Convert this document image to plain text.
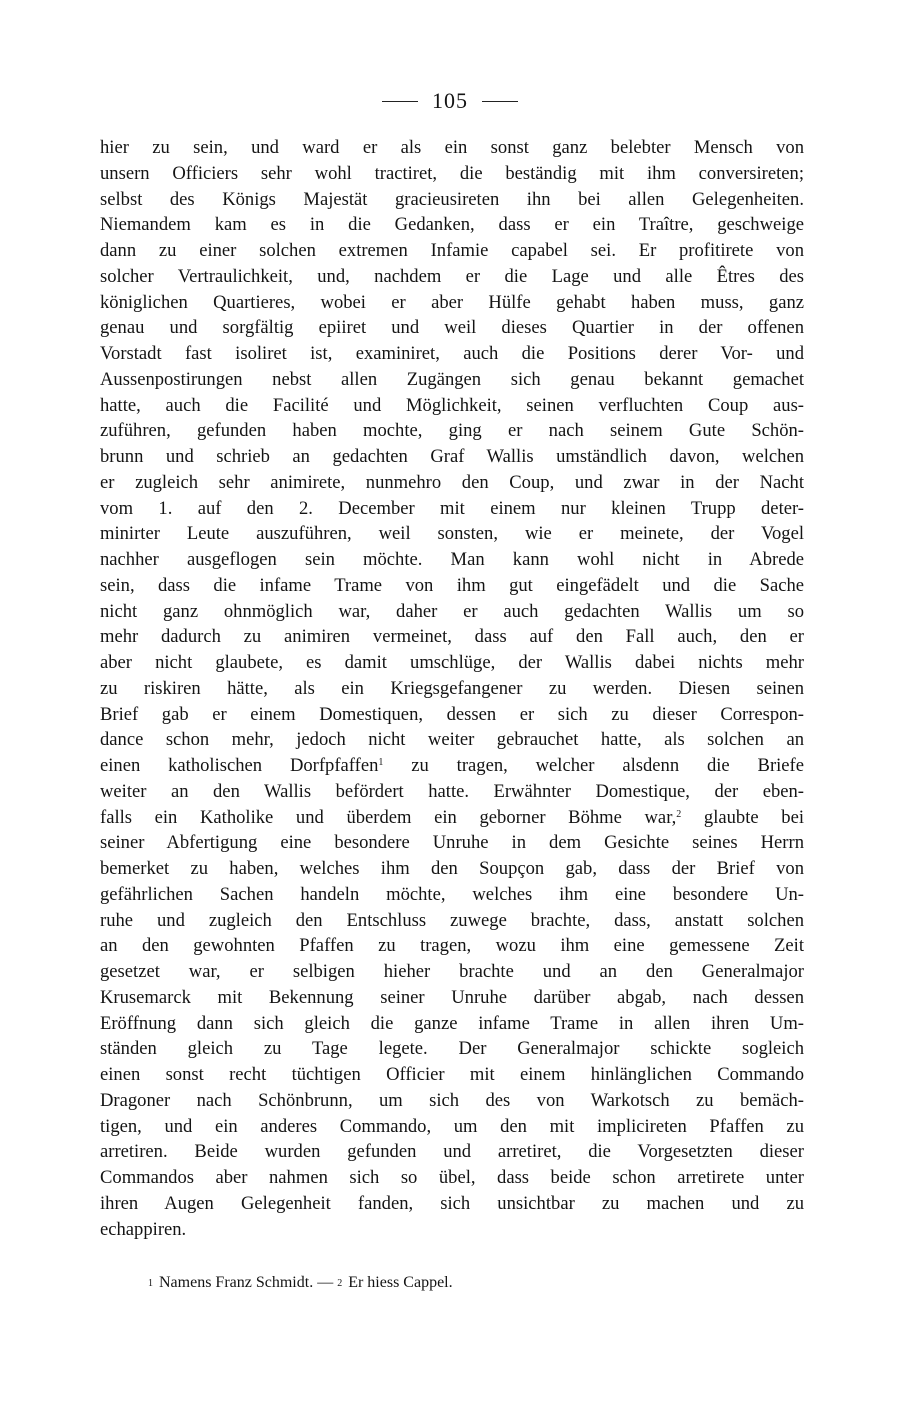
105
hier zu sein, und ward er als ein sonst ganz belebter Mensch von
unsern Officiers sehr wohl tractiret, die beständig mit ihm conversireten;
selbst des Königs Majestät gracieusireten ihn bei allen Gelegenheiten.
Niemandem kam es in die Gedanken, dass er ein Traître, geschweige
dann zu einer solchen extremen Infamie capabel sei. Er profitirete von
solcher Vertraulichkeit, und, nachdem er die Lage und alle Êtres des
königlichen Quartieres, wobei er aber Hülfe gehabt haben muss, ganz
genau und sorgfältig epiiret und weil dieses Quartier in der offenen
Vorstadt fast isoliret ist, examiniret, auch die Positions derer Vor- und
Aussenpostirungen nebst allen Zugängen sich genau bekannt gemachet
hatte, auch die Facilité und Möglichkeit, seinen verfluchten Coup aus-
zuführen, gefunden haben mochte, ging er nach seinem Gute Schön-
brunn und schrieb an gedachten Graf Wallis umständlich davon, welchen
er zugleich sehr animirete, nunmehro den Coup, und zwar in der Nacht
vom 1. auf den 2. December mit einem nur kleinen Trupp deter-
minirter Leute auszuführen, weil sonsten, wie er meinete, der Vogel
nachher ausgeflogen sein möchte. Man kann wohl nicht in Abrede
sein, dass die infame Trame von ihm gut eingefädelt und die Sache
nicht ganz ohnmöglich war, daher er auch gedachten Wallis um so
mehr dadurch zu animiren vermeinet, dass auf den Fall auch, den er
aber nicht glaubete, es damit umschlüge, der Wallis dabei nichts mehr
zu riskiren hätte, als ein Kriegsgefangener zu werden. Diesen seinen
Brief gab er einem Domestiquen, dessen er sich zu dieser Correspon-
dance schon mehr, jedoch nicht weiter gebrauchet hatte, als solchen an
einen katholischen Dorfpfaffen$^1$ zu tragen, welcher alsdenn die Briefe
weiter an den Wallis befördert hatte. Erwähnter Domestique, der eben-
falls ein Katholike und überdem ein geborner Böhme war,$^2$ glaubte bei
seiner Abfertigung eine besondere Unruhe in dem Gesichte seines Herrn
bemerket zu haben, welches ihm den Soupçon gab, dass der Brief von
gefährlichen Sachen handeln möchte, welches ihm eine besondere Un-
ruhe und zugleich den Entschluss zuwege brachte, dass, anstatt solchen
an den gewohnten Pfaffen zu tragen, wozu ihm eine gemessene Zeit
gesetzet war, er selbigen hieher brachte und an den Generalmajor
Krusemarck mit Bekennung seiner Unruhe darüber abgab, nach dessen
Eröffnung dann sich gleich die ganze infame Trame in allen ihren Um-
ständen gleich zu Tage legete. Der Generalmajor schickte sogleich
einen sonst recht tüchtigen Officier mit einem hinlänglichen Commando
Dragoner nach Schönbrunn, um sich des von Warkotsch zu bemäch-
tigen, und ein anderes Commando, um den mit implicireten Pfaffen zu
arretiren. Beide wurden gefunden und arretiret, die Vorgesetzten dieser
Commandos aber nahmen sich so übel, dass beide schon arretirete unter
ihren Augen Gelegenheit fanden, sich unsichtbar zu machen und zu
echappiren.
1 Namens Franz Schmidt. — 2 Er hiess Cappel.
